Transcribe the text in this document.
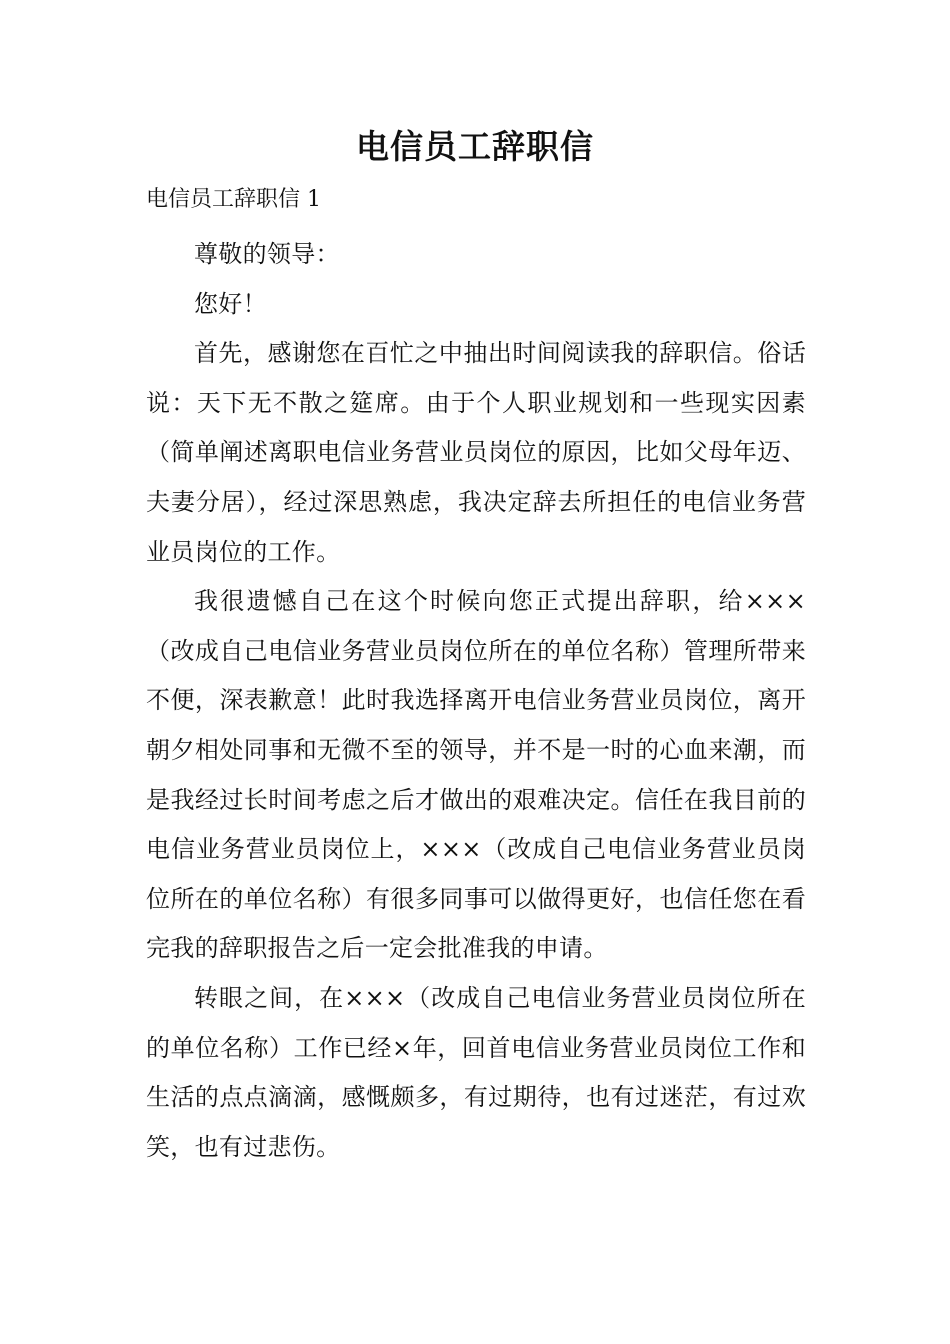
电信员工辞职信

电信员工辞职信 1

尊敬的领导：

您好！

首先，感谢您在百忙之中抽出时间阅读我的辞职信。俗话说：天下无不散之筵席。由于个人职业规划和一些现实因素（简单阐述离职电信业务营业员岗位的原因，比如父母年迈、夫妻分居），经过深思熟虑，我决定辞去所担任的电信业务营业员岗位的工作。

我很遗憾自己在这个时候向您正式提出辞职，给×××（改成自己电信业务营业员岗位所在的单位名称）管理所带来不便，深表歉意！此时我选择离开电信业务营业员岗位，离开朝夕相处同事和无微不至的领导，并不是一时的心血来潮，而是我经过长时间考虑之后才做出的艰难决定。信任在我目前的电信业务营业员岗位上，×××（改成自己电信业务营业员岗位所在的单位名称）有很多同事可以做得更好，也信任您在看完我的辞职报告之后一定会批准我的申请。

转眼之间，在×××（改成自己电信业务营业员岗位所在的单位名称）工作已经×年，回首电信业务营业员岗位工作和生活的点点滴滴，感慨颇多，有过期待，也有过迷茫，有过欢笑，也有过悲伤。
